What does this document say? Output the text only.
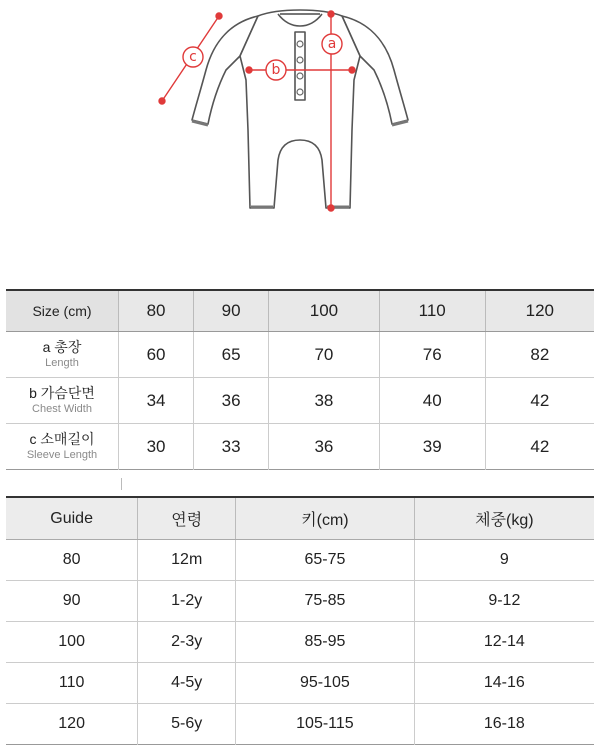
a
b
c
Size (cm)	80	90	100	110	120

a 총장
Length	60	65	70	76	82

b 가슴단면
Chest Width	34	36	38	40	42

c 소매길이
Sleeve Length	30	33	36	39	42
Guide	연령	키(cm)	체중(kg)
80	12m	65-75	9
90	1-2y	75-85	9-12
100	2-3y	85-95	12-14
110	4-5y	95-105	14-16
120	5-6y	105-115	16-18
